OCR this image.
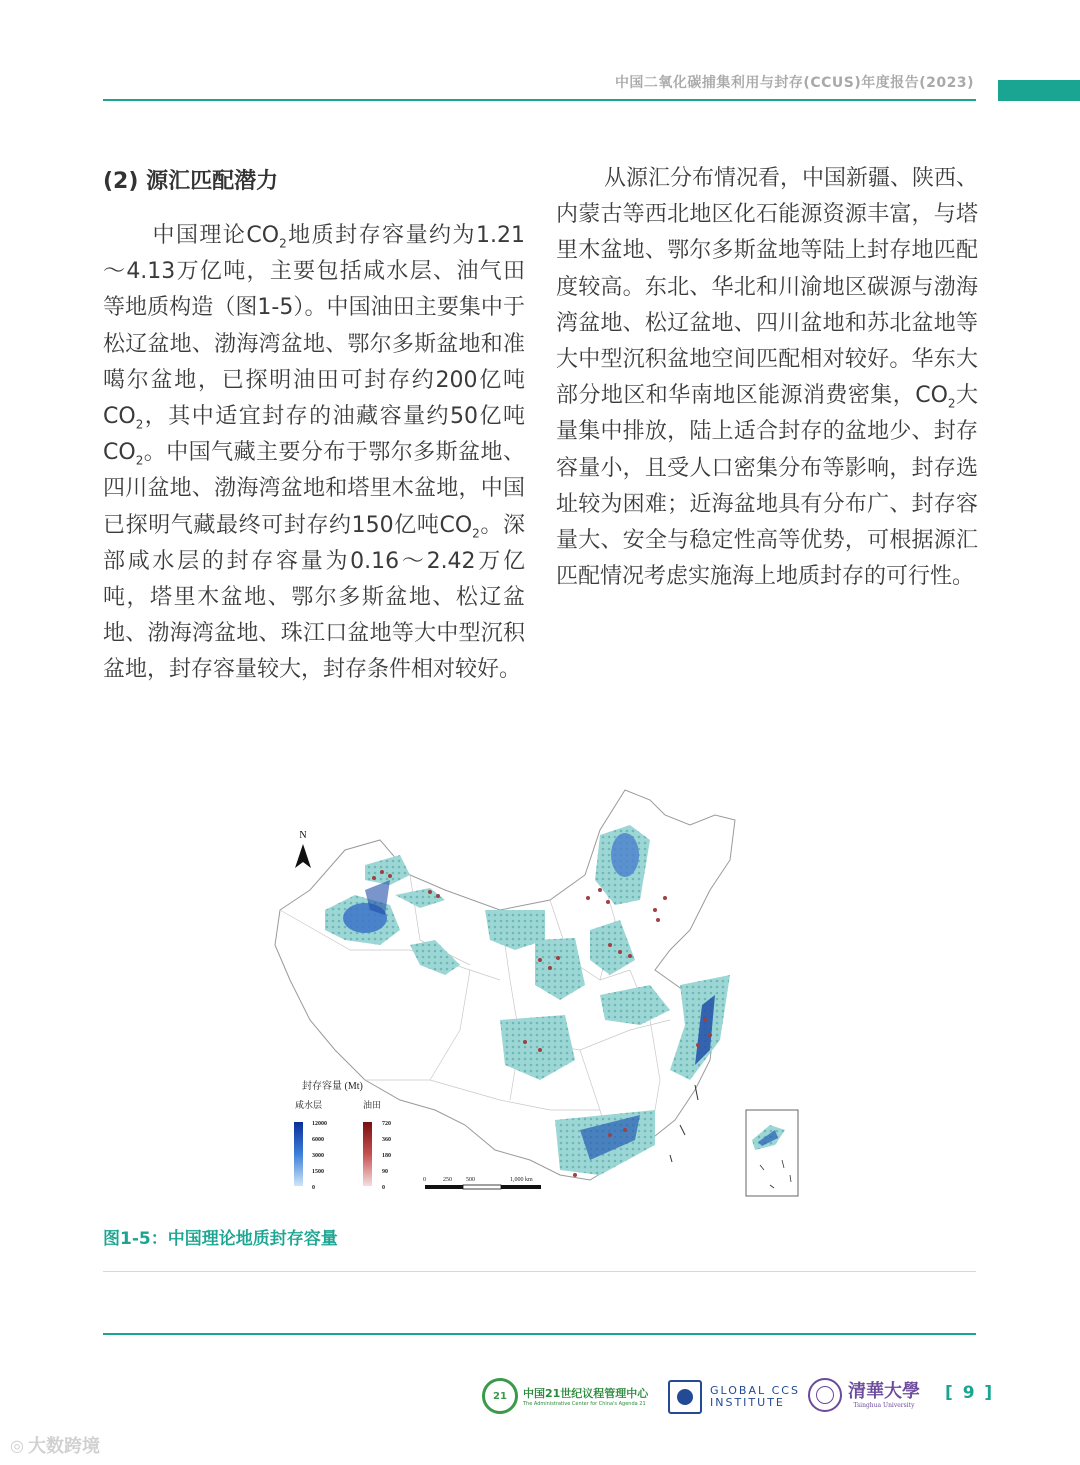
中国二氧化碳捕集利用与封存(CCUS)年度报告(2023)
(2) 源汇匹配潜力
中国理论$CO_2$地质封存容量约为1.21～4.13万亿吨，主要包括咸水层、油气田等地质构造（图1-5）。中国油田主要集中于松辽盆地、渤海湾盆地、鄂尔多斯盆地和准噶尔盆地，已探明油田可封存约200亿吨$CO_2$，其中适宜封存的油藏容量约50亿吨$CO_2$。中国气藏主要分布于鄂尔多斯盆地、四川盆地、渤海湾盆地和塔里木盆地，中国已探明气藏最终可封存约150亿吨$CO_2$。深部咸水层的封存容量为0.16～2.42万亿吨，塔里木盆地、鄂尔多斯盆地、松辽盆地、渤海湾盆地、珠江口盆地等大中型沉积盆地，封存容量较大，封存条件相对较好。
从源汇分布情况看，中国新疆、陕西、内蒙古等西北地区化石能源资源丰富，与塔里木盆地、鄂尔多斯盆地等陆上封存地匹配度较高。东北、华北和川渝地区碳源与渤海湾盆地、松辽盆地、四川盆地和苏北盆地等大中型沉积盆地空间匹配相对较好。华东大部分地区和华南地区能源消费密集，$CO_2$大量集中排放，陆上适合封存的盆地少、封存容量小，且受人口密集分布等影响，封存选址较为困难；近海盆地具有分布广、封存容量大、安全与稳定性高等优势，可根据源汇匹配情况考虑实施海上地质封存的可行性。
N
封存容量 (Mt)
咸水层	油田
12000
6000
3000
1500
0
720
360
180
90
0
0	250 500	1,000 km
图1-5：中国理论地质封存容量
21	中国21世纪议程管理中心
The Administrative Center for China's Agenda 21
GLOBAL CCS
INSTITUTE
清華大學
Tsinghua University
[ 9 ]
◎ 大数跨境
